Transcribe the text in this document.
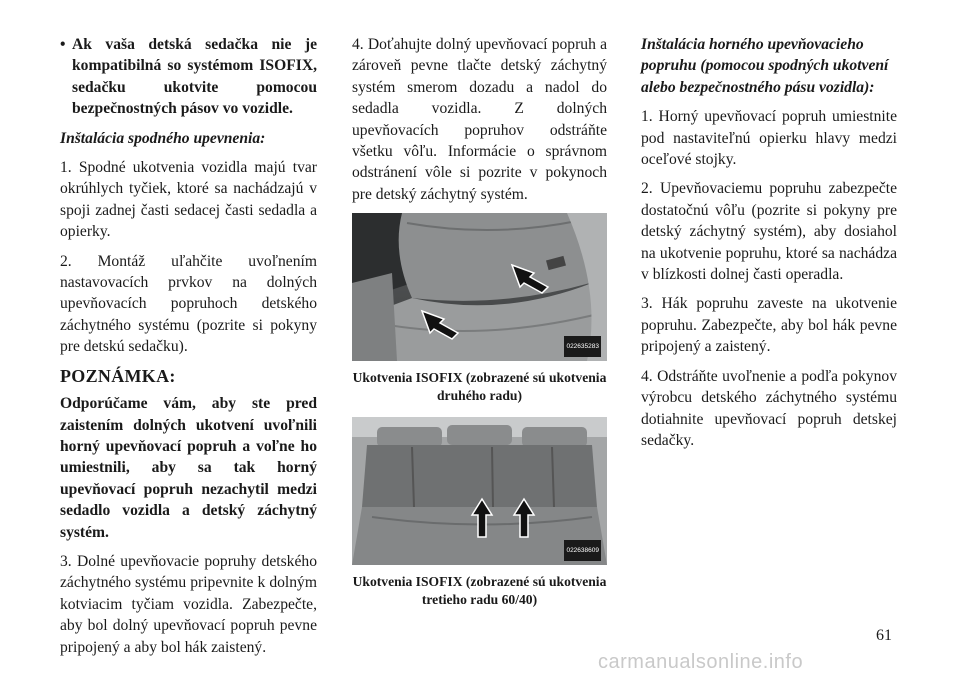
• Ak vaša detská sedačka nie je kompatibilná so systémom ISOFIX, sedačku ukotvite pomocou bezpečnostných pásov vo vozidle.

Inštalácia spodného upevnenia:

1. Spodné ukotvenia vozidla majú tvar okrúhlych tyčiek, ktoré sa nachádzajú v spoji zadnej časti sedacej časti sedadla a opierky.

2. Montáž uľahčite uvoľnením nastavovacích prvkov na dolných upevňovacích popruhoch detského záchytného systému (pozrite si pokyny pre detskú sedačku).

POZNÁMKA:

Odporúčame vám, aby ste pred zaistením dolných ukotvení uvoľnili horný upevňovací popruh a voľne ho umiestnili, aby sa tak horný upevňovací popruh nezachytil medzi sedadlo vozidla a detský záchytný systém.

3. Dolné upevňovacie popruhy detského záchytného systému pripevnite k dolným kotviacim tyčiam vozidla. Zabezpečte, aby bol dolný upevňovací popruh pevne pripojený a aby bol hák zaistený.

4. Doťahujte dolný upevňovací popruh a zároveň pevne tlačte detský záchytný systém smerom dozadu a nadol do sedadla vozidla. Z dolných upevňovacích popruhov odstráňte všetku vôľu. Informácie o správnom odstránení vôle si pozrite v pokynoch pre detský záchytný systém.

022635283
Ukotvenia ISOFIX (zobrazené sú ukotvenia druhého radu)
022638609
Ukotvenia ISOFIX (zobrazené sú ukotvenia tretieho radu 60/40)

Inštalácia horného upevňovacieho popruhu (pomocou spodných ukotvení alebo bezpečnostného pásu vozidla):

1. Horný upevňovací popruh umiestnite pod nastaviteľnú opierku hlavy medzi oceľové stojky.

2. Upevňovaciemu popruhu zabezpečte dostatočnú vôľu (pozrite si pokyny pre detský záchytný systém), aby dosiahol na ukotvenie popruhu, ktoré sa nachádza v blízkosti dolnej časti operadla.

3. Hák popruhu zaveste na ukotvenie popruhu. Zabezpečte, aby bol hák pevne pripojený a zaistený.

4. Odstráňte uvoľnenie a podľa pokynov výrobcu detského záchytného systému dotiahnite upevňovací popruh detskej sedačky.

61
carmanualsonline.info
